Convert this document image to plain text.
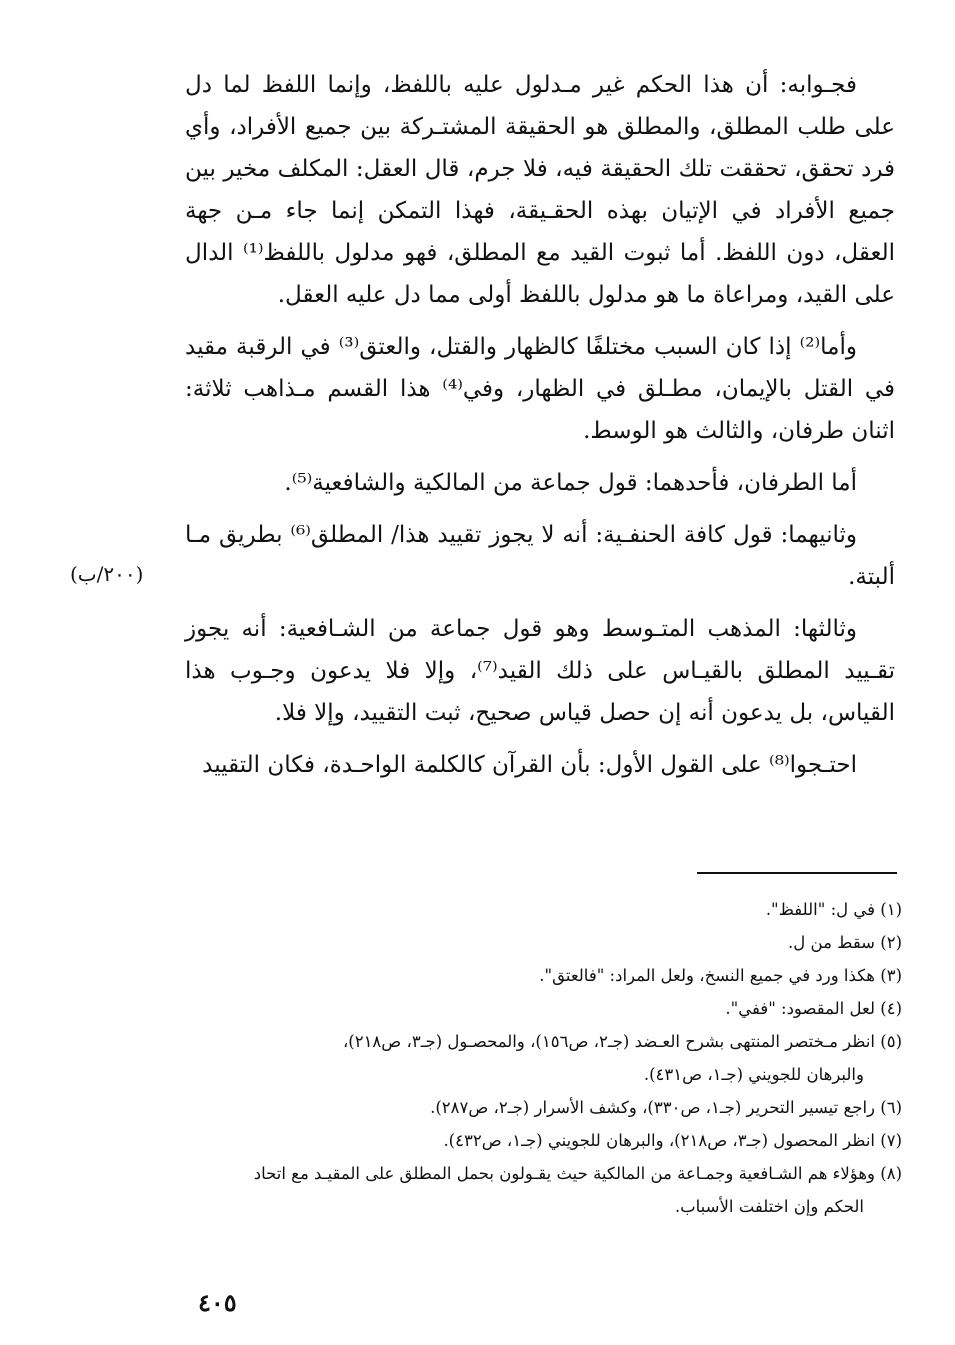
فجـوابه: أن هذا الحكم غير مـدلول عليه باللفظ، وإنما اللفظ لما دل على طلب المطلق، والمطلق هو الحقيقة المشتـركة بين جميع الأفراد، وأي فرد تحقق، تحققت تلك الحقيقة فيه، فلا جرم، قال العقل: المكلف مخير بين جميع الأفراد في الإتيان بهذه الحقـيقة، فهذا التمكن إنما جاء مـن جهة العقل، دون اللفظ. أما ثبوت القيد مع المطلق، فهو مدلول باللفظ⁽¹⁾ الدال على القيد، ومراعاة ما هو مدلول باللفظ أولى مما دل عليه العقل.

وأما⁽²⁾ إذا كان السبب مختلفًا كالظهار والقتل، والعتق⁽³⁾ في الرقبة مقيد في القتل بالإيمان، مطـلق في الظهار، وفي⁽⁴⁾ هذا القسم مـذاهب ثلاثة: اثنان طرفان، والثالث هو الوسط.

أما الطرفان، فأحدهما: قول جماعة من المالكية والشافعية⁽⁵⁾.

وثانيهما: قول كافة الحنفـية: أنه لا يجوز تقييد هذا/ المطلق⁽⁶⁾ بطريق مـا ألبتة.

وثالثها: المذهب المتـوسط وهو قول جماعة من الشـافعية: أنه يجوز تقـييد المطلق بالقيـاس على ذلك القيد⁽⁷⁾، وإلا فلا يدعون وجـوب هذا القياس، بل يدعون أنه إن حصل قياس صحيح، ثبت التقييد، وإلا فلا.

احتـجوا⁽⁸⁾ على القول الأول: بأن القرآن كالكلمة الواحـدة، فكان التقييد

(٢٠٠/ب)

(١) في ل: "اللفظ".

(٢) سقط من ل.

(٣) هكذا ورد في جميع النسخ، ولعل المراد: "فالعتق".

(٤) لعل المقصود: "ففي".

(٥) انظر مـختصر المنتهى بشرح العـضد (جـ٢، ص١٥٦)، والمحصـول (جـ٣، ص٢١٨)،
والبرهان للجويني (جـ١، ص٤٣١).

(٦) راجع تيسير التحرير (جـ١، ص٣٣٠)، وكشف الأسرار (جـ٢، ص٢٨٧).

(٧) انظر المحصول (جـ٣، ص٢١٨)، والبرهان للجويني (جـ١، ص٤٣٢).

(٨) وهؤلاء هم الشـافعية وجمـاعة من المالكية حيث يقـولون بحمل المطلق على المقيـد مع اتحاد
الحكم وإن اختلفت الأسباب.

٤٠٥
